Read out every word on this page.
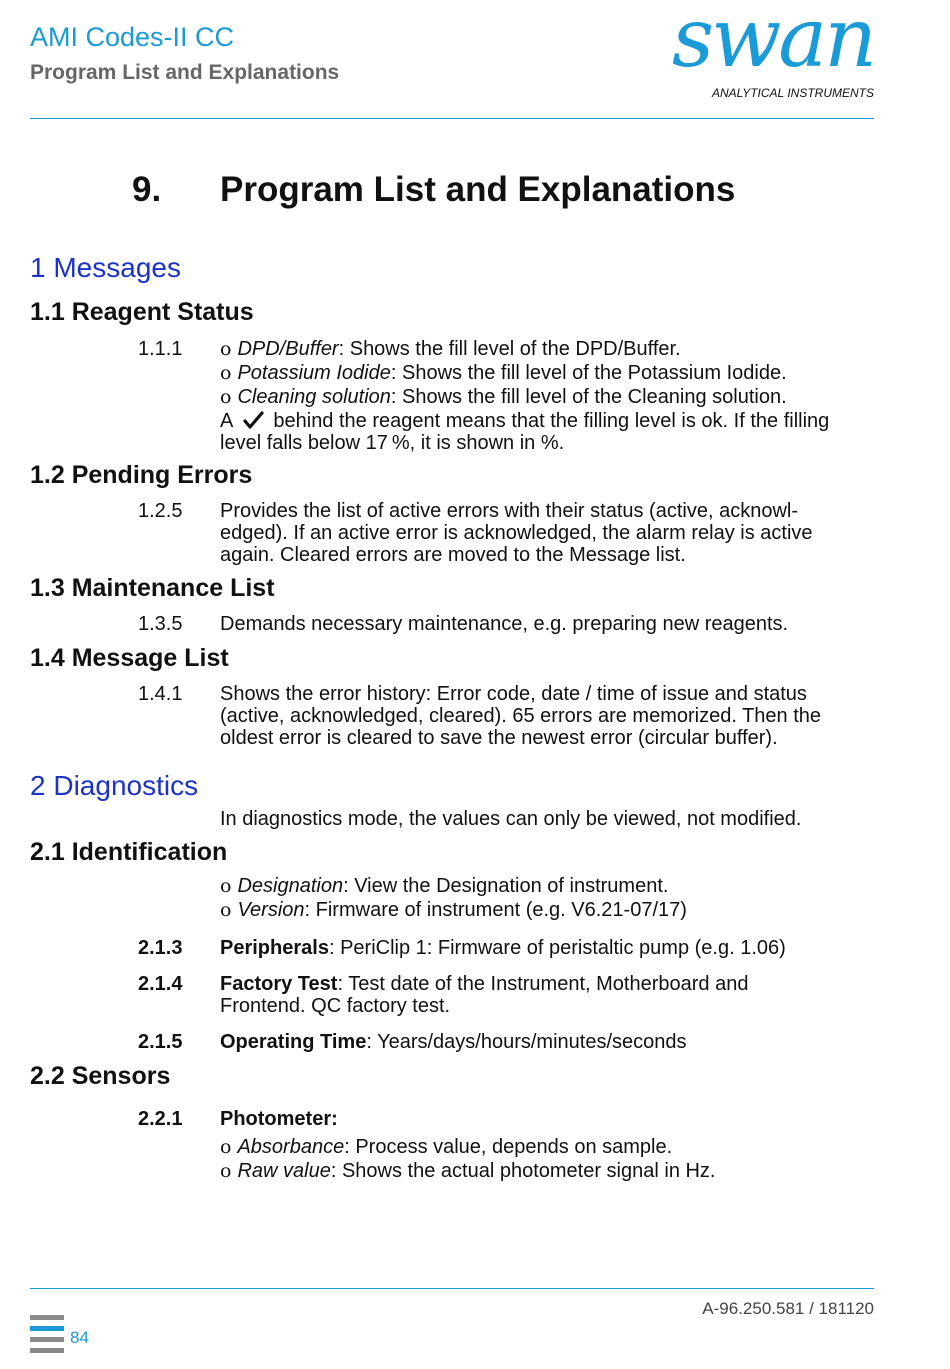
AMI Codes-II CC
Program List and Explanations	swan
ANALYTICAL INSTRUMENTS
9. Program List and Explanations
1 Messages
1.1 Reagent Status
1.1.1 o DPD/Buffer: Shows the fill level of the DPD/Buffer.
o Potassium Iodide: Shows the fill level of the Potassium Iodide.
o Cleaning solution: Shows the fill level of the Cleaning solution.
A behind the reagent means that the filling level is ok. If the filling
level falls below 17 %, it is shown in %.
1.2 Pending Errors
1.2.5 Provides the list of active errors with their status (active, acknowl-
edged). If an active error is acknowledged, the alarm relay is active
again. Cleared errors are moved to the Message list.
1.3 Maintenance List
1.3.5 Demands necessary maintenance, e.g. preparing new reagents.
1.4 Message List
1.4.1 Shows the error history: Error code, date / time of issue and status
(active, acknowledged, cleared). 65 errors are memorized. Then the
oldest error is cleared to save the newest error (circular buffer).
2 Diagnostics
In diagnostics mode, the values can only be viewed, not modified.
2.1 Identification
o Designation: View the Designation of instrument.
o Version: Firmware of instrument (e.g. V6.21-07/17)
2.1.3 Peripherals: PeriClip 1: Firmware of peristaltic pump (e.g. 1.06)
2.1.4 Factory Test: Test date of the Instrument, Motherboard and
Frontend. QC factory test.
2.1.5 Operating Time: Years/days/hours/minutes/seconds
2.2 Sensors
2.2.1 Photometer:
o Absorbance: Process value, depends on sample.
o Raw value: Shows the actual photometer signal in Hz.
A-96.250.581 / 181120
84
